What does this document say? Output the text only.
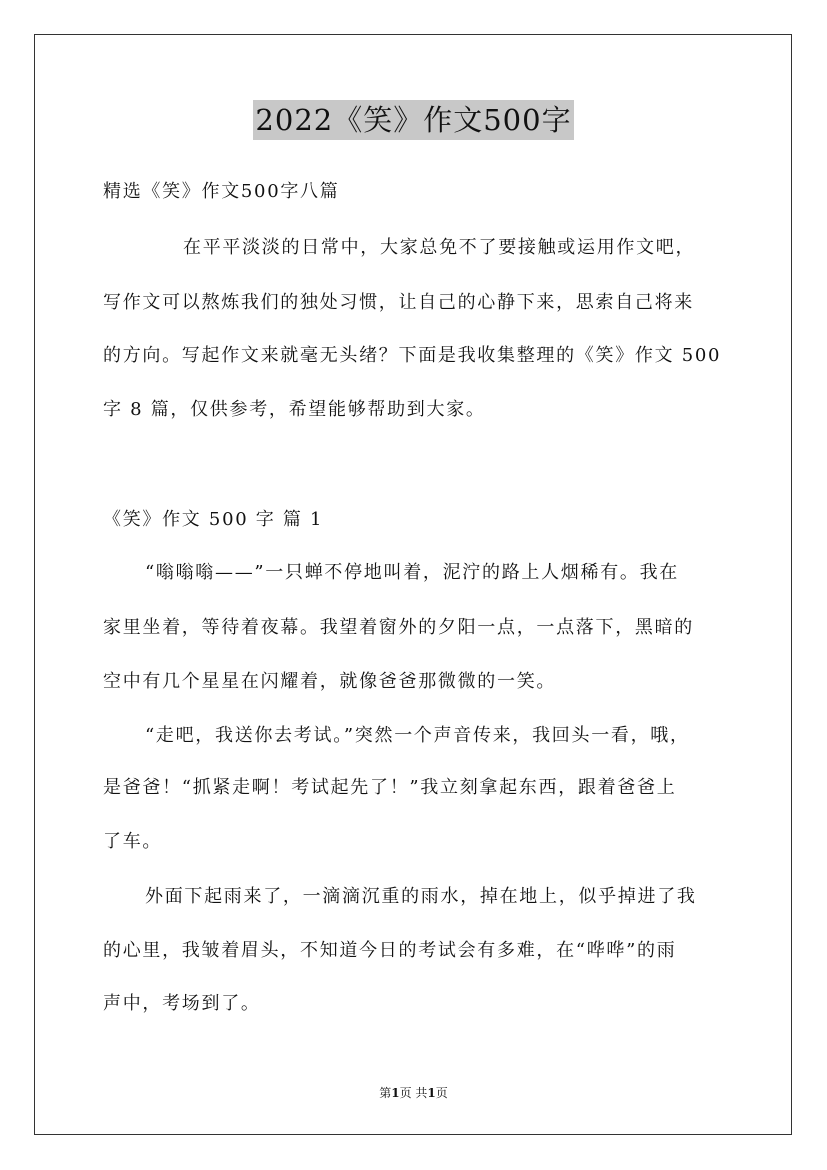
2022《笑》作文500字
精选《笑》作文500字八篇
在平平淡淡的日常中，大家总免不了要接触或运用作文吧，
写作文可以熬炼我们的独处习惯，让自己的心静下来，思索自己将来
的方向。写起作文来就毫无头绪？下面是我收集整理的《笑》作文 500
字 8 篇，仅供参考，希望能够帮助到大家。
《笑》作文 500 字 篇 1
“嗡嗡嗡——”一只蝉不停地叫着，泥泞的路上人烟稀有。我在
家里坐着，等待着夜幕。我望着窗外的夕阳一点，一点落下，黑暗的
空中有几个星星在闪耀着，就像爸爸那微微的一笑。
“走吧，我送你去考试。”突然一个声音传来，我回头一看，哦，
是爸爸！“抓紧走啊！考试起先了！”我立刻拿起东西，跟着爸爸上
了车。
外面下起雨来了，一滴滴沉重的雨水，掉在地上，似乎掉进了我
的心里，我皱着眉头，不知道今日的考试会有多难，在“哗哗”的雨
声中，考场到了。
第1页 共1页
